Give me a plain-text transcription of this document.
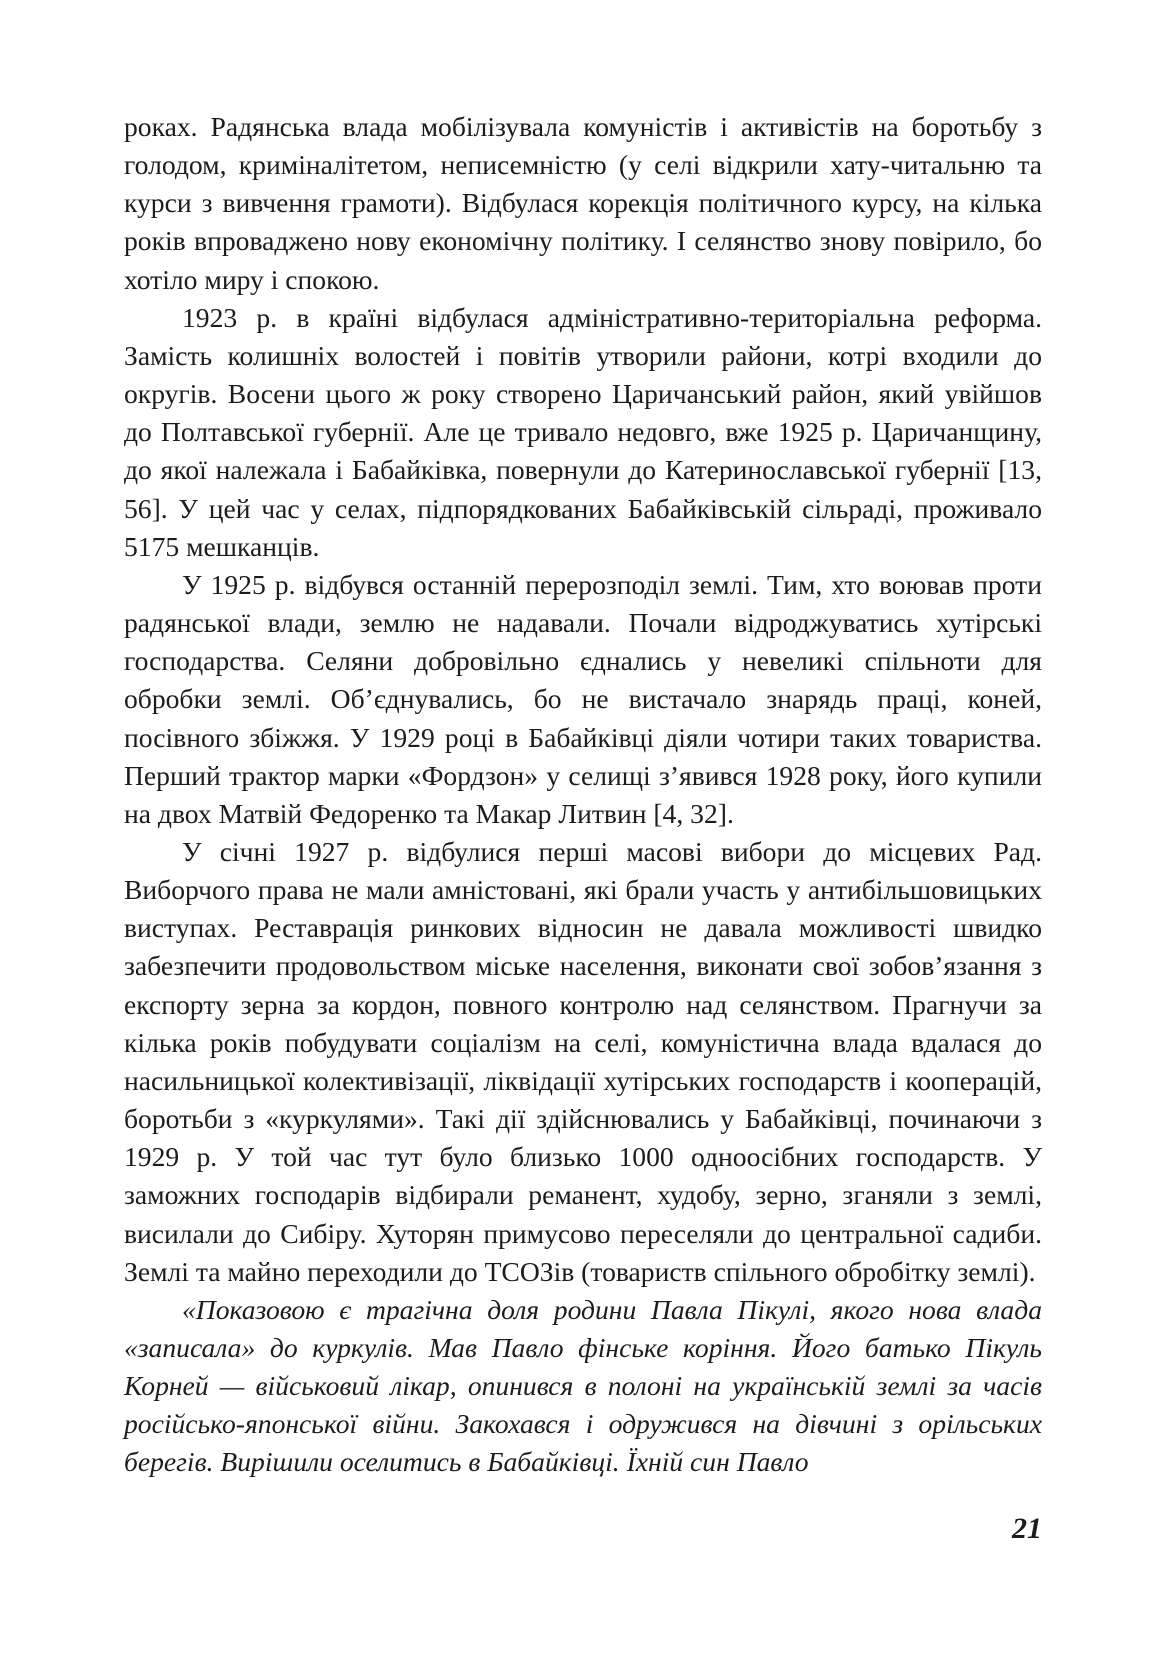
роках. Радянська влада мобілізувала комуністів і активістів на боротьбу з голодом, криміналітетом, неписемністю (у селі відкрили хату-читальню та курси з вивчення грамоти). Відбулася корекція політичного курсу, на кілька років впроваджено нову економічну політику. І селянство знову повірило, бо хотіло миру і спокою.

1923 р. в країні відбулася адміністративно-територіальна реформа. Замість колишніх волостей і повітів утворили райони, котрі входили до округів. Восени цього ж року створено Царичанський район, який увійшов до Полтавської губернії. Але це тривало недовго, вже 1925 р. Царичанщину, до якої належала і Бабайківка, повернули до Катеринославської губернії [13, 56]. У цей час у селах, підпорядкованих Бабайківській сільраді, проживало 5175 мешканців.

У 1925 р. відбувся останній перерозподіл землі. Тим, хто воював проти радянської влади, землю не надавали. Почали відроджуватись хутірські господарства. Селяни добровільно єднались у невеликі спільноти для обробки землі. Об’єднувались, бо не вистачало знарядь праці, коней, посівного збіжжя. У 1929 році в Бабайківці діяли чотири таких товариства. Перший трактор марки «Фордзон» у селищі з’явився 1928 року, його купили на двох Матвій Федоренко та Макар Литвин [4, 32].

У січні 1927 р. відбулися перші масові вибори до місцевих Рад. Виборчого права не мали амністовані, які брали участь у антибільшовицьких виступах. Реставрація ринкових відносин не давала можливості швидко забезпечити продовольством міське населення, виконати свої зобов’язання з експорту зерна за кордон, повного контролю над селянством. Прагнучи за кілька років побудувати соціалізм на селі, комуністична влада вдалася до насильницької колективізації, ліквідації хутірських господарств і кооперацій, боротьби з «куркулями». Такі дії здійснювались у Бабайківці, починаючи з 1929 р. У той час тут було близько 1000 одноосібних господарств. У заможних господарів відбирали реманент, худобу, зерно, зганяли з землі, висилали до Сибіру. Хуторян примусово переселяли до центральної садиби. Землі та майно переходили до ТСОЗів (товариств спільного обробітку землі).

«Показовою є трагічна доля родини Павла Пікулі, якого нова влада «записала» до куркулів. Мав Павло фінське коріння. Його батько Пікуль Корней — військовий лікар, опинився в полоні на українській землі за часів російсько-японської війни. Закохався і одружився на дівчині з орільських берегів. Вирішили оселитись в Бабайківці. Їхній син Павло

21
